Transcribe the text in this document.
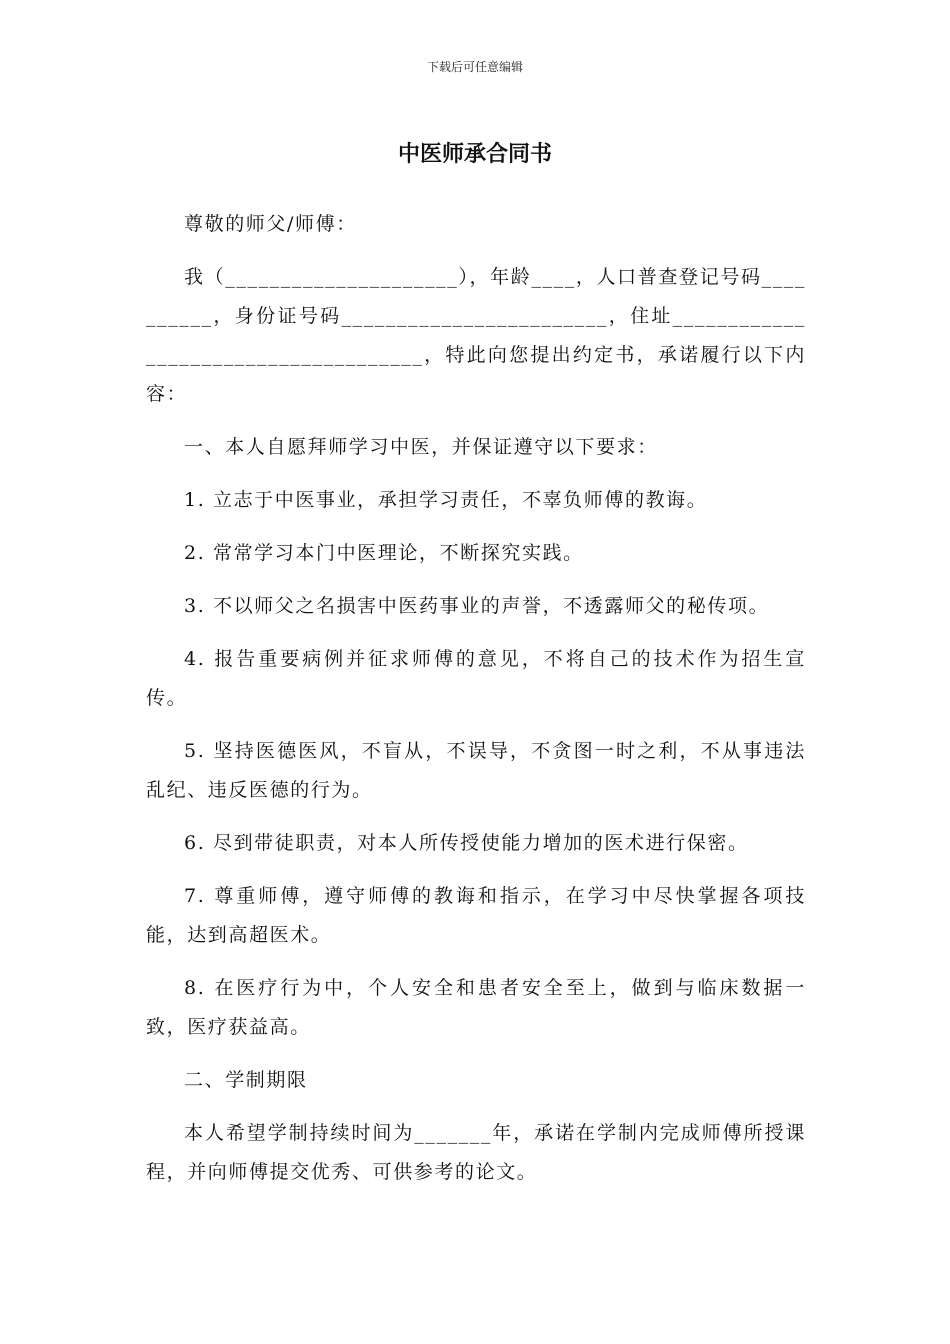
下载后可任意编辑
中医师承合同书

尊敬的师父/师傅：

我（_____________________），年龄____，人口普查登记号码__________，身份证号码________________________，住址_____________________________________，特此向您提出约定书，承诺履行以下内容：

一、本人自愿拜师学习中医，并保证遵守以下要求：

1. 立志于中医事业，承担学习责任，不辜负师傅的教诲。

2. 常常学习本门中医理论，不断探究实践。

3. 不以师父之名损害中医药事业的声誉，不透露师父的秘传项。

4. 报告重要病例并征求师傅的意见，不将自己的技术作为招生宣传。

5. 坚持医德医风，不盲从，不误导，不贪图一时之利，不从事违法乱纪、违反医德的行为。

6. 尽到带徒职责，对本人所传授使能力增加的医术进行保密。

7. 尊重师傅，遵守师傅的教诲和指示，在学习中尽快掌握各项技能，达到高超医术。

8. 在医疗行为中，个人安全和患者安全至上，做到与临床数据一致，医疗获益高。

二、学制期限

本人希望学制持续时间为_______年，承诺在学制内完成师傅所授课程，并向师傅提交优秀、可供参考的论文。
